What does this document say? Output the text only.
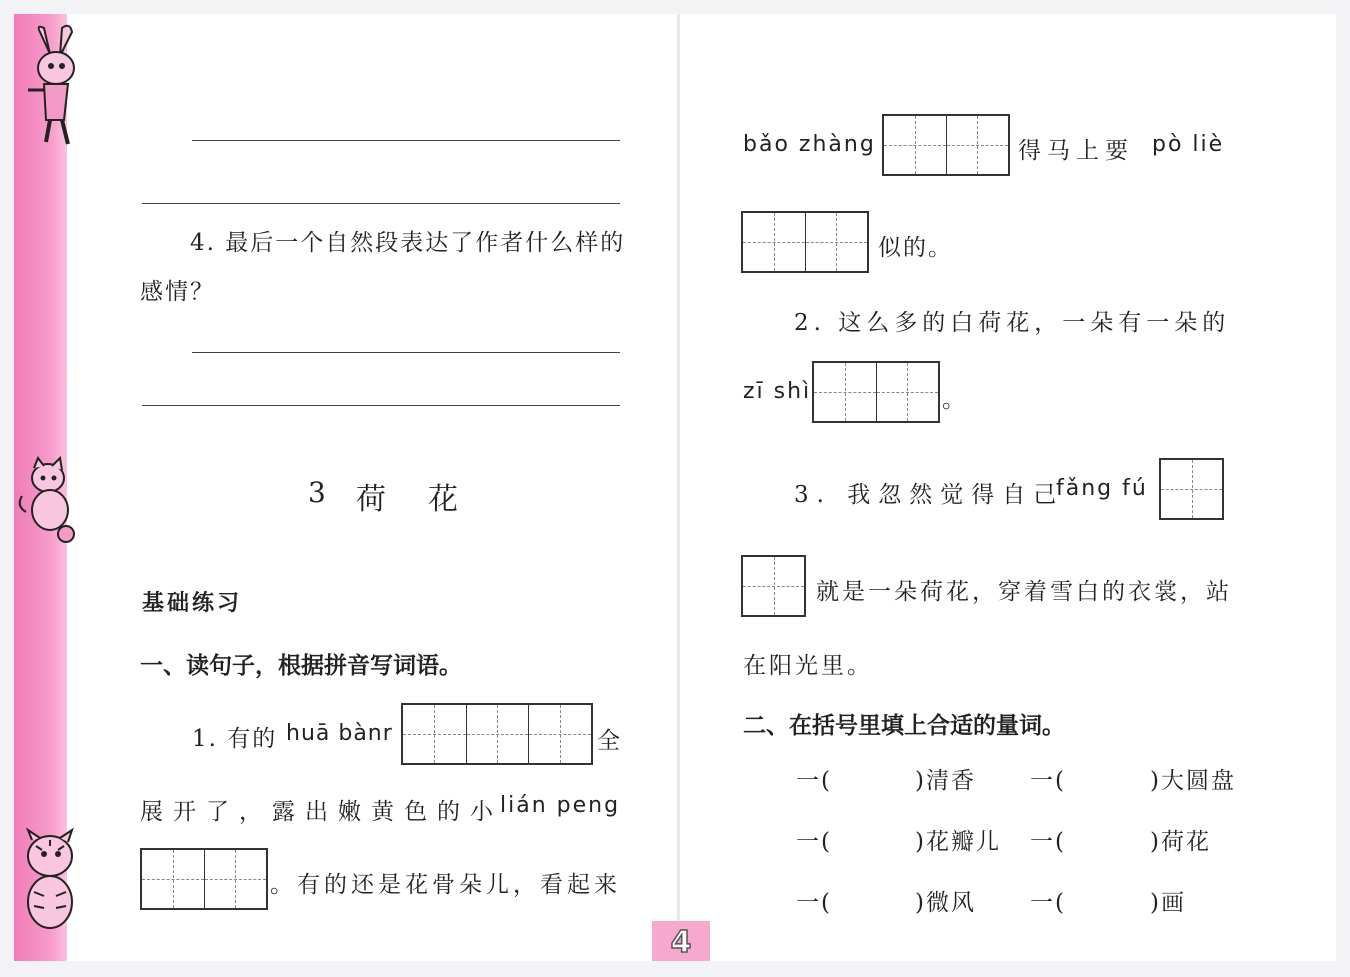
4. 最后一个自然段表达了作者什么样的
感情？
3 荷　花
基础练习
一、读句子，根据拼音写词语。
1. 有的 huā bànr	全
展开了，露出嫩黄色的小
lián peng
。有的还是花骨朵儿，看起来
bǎo zhàng	得马上要 pò liè
似的。
2. 这么多的白荷花，一朵有一朵的
zī shì	。
3. 我忽然觉得自己
fǎng fú
就是一朵荷花，穿着雪白的衣裳，站
在阳光里。
二、在括号里填上合适的量词。
一(	)清香 一(	)大圆盘
一(	)花瓣儿 一(	)荷花
一(	)微风 一(	)画
4
